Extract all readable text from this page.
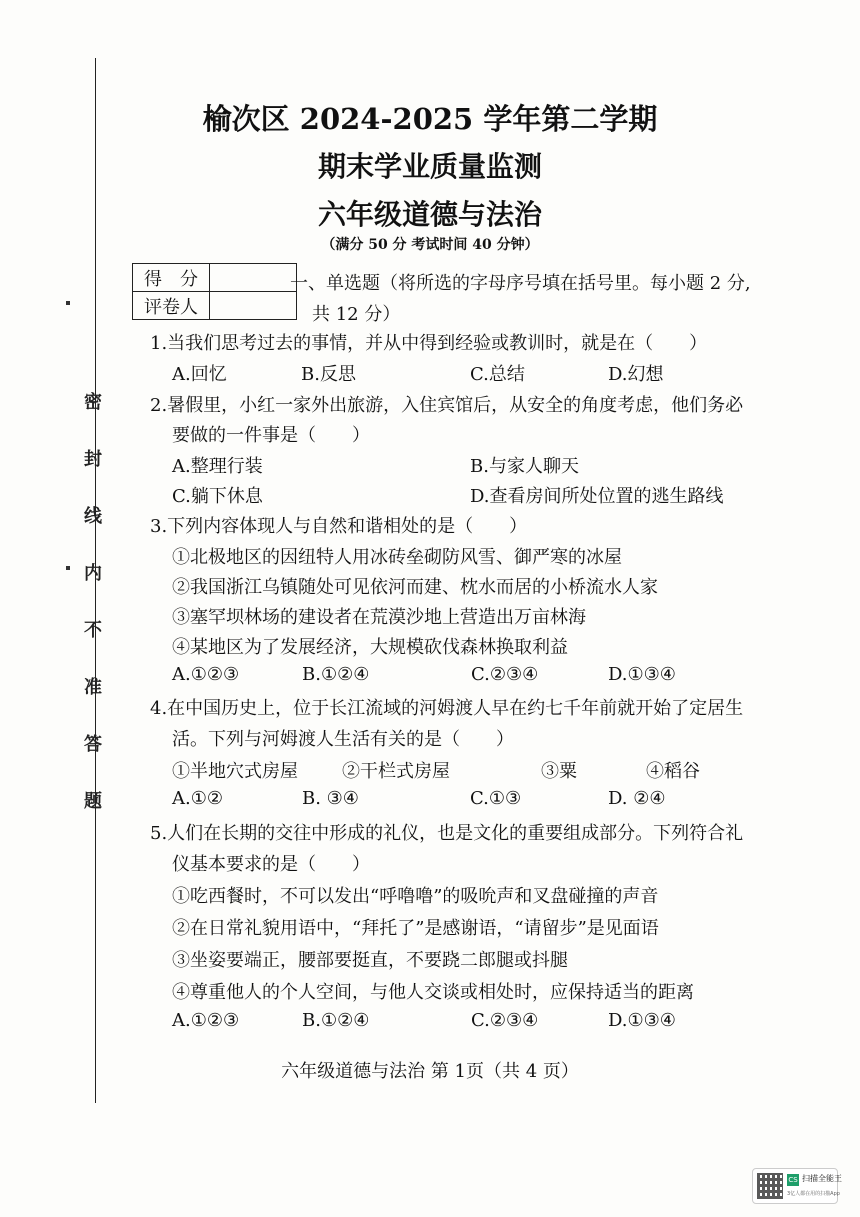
密封线内不准答题
榆次区 2024-2025 学年第二学期
期末学业质量监测
六年级道德与法治
（满分 50 分 考试时间 40 分钟）
得　分	
评卷人	
一、单选题（将所选的字母序号填在括号里。每小题 2 分,
共 12 分）
1.当我们思考过去的事情，并从中得到经验或教训时，就是在（　　）
A.回忆	B.反思	C.总结	D.幻想
2.暑假里，小红一家外出旅游，入住宾馆后，从安全的角度考虑，他们务必
要做的一件事是（　　）
A.整理行装	B.与家人聊天
C.躺下休息	D.查看房间所处位置的逃生路线
3.下列内容体现人与自然和谐相处的是（　　）
①北极地区的因纽特人用冰砖垒砌防风雪、御严寒的冰屋
②我国浙江乌镇随处可见依河而建、枕水而居的小桥流水人家
③塞罕坝林场的建设者在荒漠沙地上营造出万亩林海
④某地区为了发展经济，大规模砍伐森林换取利益
A.①②③	B.①②④	C.②③④	D.①③④
4.在中国历史上，位于长江流域的河姆渡人早在约七千年前就开始了定居生
活。下列与河姆渡人生活有关的是（　　）
①半地穴式房屋 ②干栏式房屋	③粟	④稻谷
A.①②	B. ③④	C.①③	D. ②④
5.人们在长期的交往中形成的礼仪，也是文化的重要组成部分。下列符合礼
仪基本要求的是（　　）
①吃西餐时，不可以发出“呼噜噜”的吸吮声和叉盘碰撞的声音
②在日常礼貌用语中，“拜托了”是感谢语，“请留步”是见面语
③坐姿要端正，腰部要挺直，不要跷二郎腿或抖腿
④尊重他人的个人空间，与他人交谈或相处时，应保持适当的距离
A.①②③	B.①②④	C.②③④	D.①③④
六年级道德与法治 第 1页（共 4 页）
CS 扫描全能王
3亿人都在用的扫描App
